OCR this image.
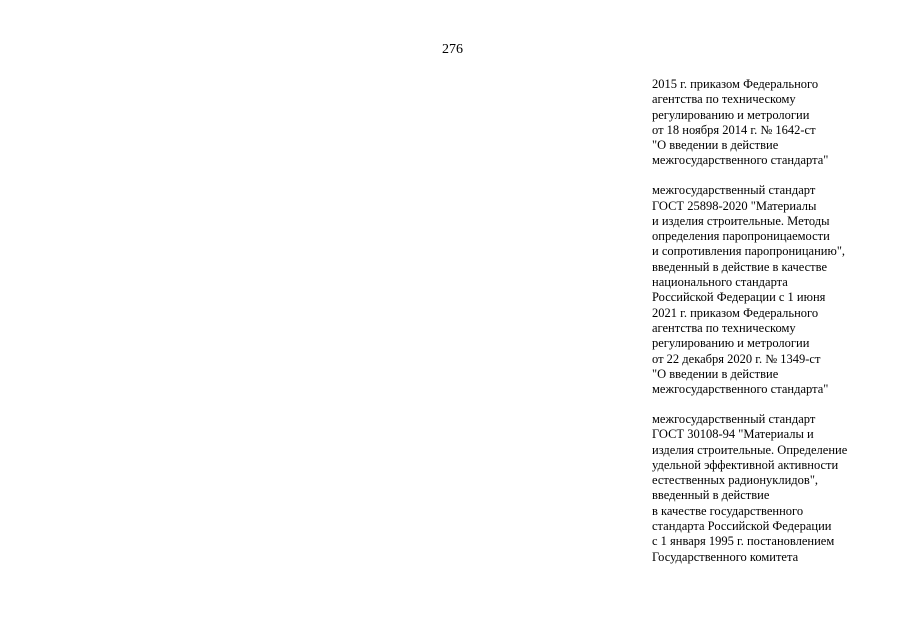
276
2015 г. приказом Федерального
агентства по техническому
регулированию и метрологии
от 18 ноября 2014 г. № 1642-ст
"О введении в действие
межгосударственного стандарта"
межгосударственный стандарт
ГОСТ 25898-2020 "Материалы
и изделия строительные. Методы
определения паропроницаемости
и сопротивления паропроницанию",
введенный в действие в качестве
национального стандарта
Российской Федерации с 1 июня
2021 г. приказом Федерального
агентства по техническому
регулированию и метрологии
от 22 декабря 2020 г. № 1349-ст
"О введении в действие
межгосударственного стандарта"
межгосударственный стандарт
ГОСТ 30108-94 "Материалы и
изделия строительные. Определение
удельной эффективной активности
естественных радионуклидов",
введенный в действие
в качестве государственного
стандарта Российской Федерации
с 1 января 1995 г. постановлением
Государственного комитета
